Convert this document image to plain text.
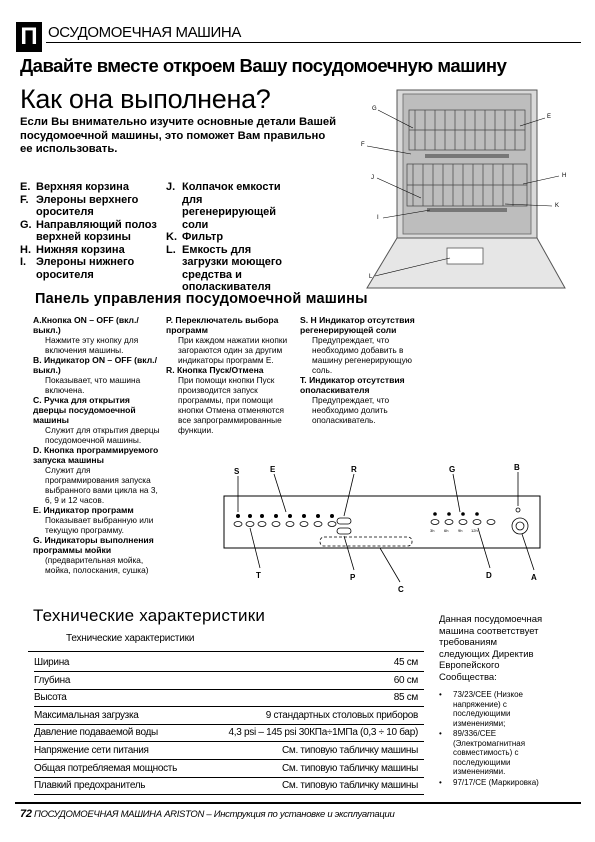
П ОСУДОМОЕЧНАЯ МАШИНА
Давайте вместе откроем Вашу посудомоечную машину
Как она выполнена?
Если Вы внимательно изучите основные детали Вашей посудомоечной машины, это поможет Вам правильно ее использовать.
E. Верхняя корзина
F. Элероны верхнего оросителя
G. Направляющий полоз верхней корзины
H. Нижняя корзина
I. Элероны нижнего оросителя
J. Колпачок емкости для регенерирующей соли
K. Фильтр
L. Емкость для загрузки моющего средства и ополаскивателя
G
E
F
H
J
K
I
L
Панель управления посудомоечной машины
A.Кнопка ON – OFF (вкл./ выкл.)
Нажмите эту кнопку для включения машины.
B. Индикатор ON – OFF (вкл./ выкл.)
Показывает, что машина включена.
C. Ручка для открытия дверцы посудомоечной машины
Служит для открытия дверцы посудомоечной машины.
D. Кнопка программируемого запуска машины
Служит для программирования запуска выбранного вами цикла на 3, 6, 9 и 12 часов.
E. Индикатор программ
Показывает выбранную или текущую программу.
G. Индикаторы выполнения программы мойки
(предварительная мойка, мойка, полоскания, сушка)
P. Переключатель выбора программ
При каждом нажатии кнопки загораются один за другим индикаторы программ E.
R. Кнопка Пуск/Отмена
При помощи кнопки Пуск производится запуск программы, при помощи кнопки Отмена отменяются все запрограммированные функции.
S. Н Индикатор отсутствия регенерирующей соли
Предупреждает, что необходимо добавить в машину регенерирующую соль.
T. Индикатор отсутствия ополаскивателя
Предупреждает, что необходимо долить ополаскиватель.
3h 6h 9h 12h
S	E	R	G	B
T	P
C
D	A
Технические характеристики
Технические характеристики
Ширина	45 см
Глубина	60 см
Высота	85 см
Максимальная загрузка	9 стандартных столовых приборов
Давление подаваемой воды	4,3 psi – 145 psi 30КПа÷1МПа (0,3 ÷ 10 бар)
Напряжение сети питания	См. типовую табличку машины
Общая потребляемая мощность	См. типовую табличку машины
Плавкий предохранитель	См. типовую табличку машины
Данная посудомоечная машина соответствует требованиям следующих Директив Европейского Сообщества:
• 73/23/CEE (Низкое напряжение) с последующими изменениями;
• 89/336/CEE (Электромагнитная совместимость) с последующими изменениями.
• 97/17/CE (Маркировка)
72 ПОСУДОМОЕЧНАЯ МАШИНА ARISTON – Инструкция по установке и эксплуатации
